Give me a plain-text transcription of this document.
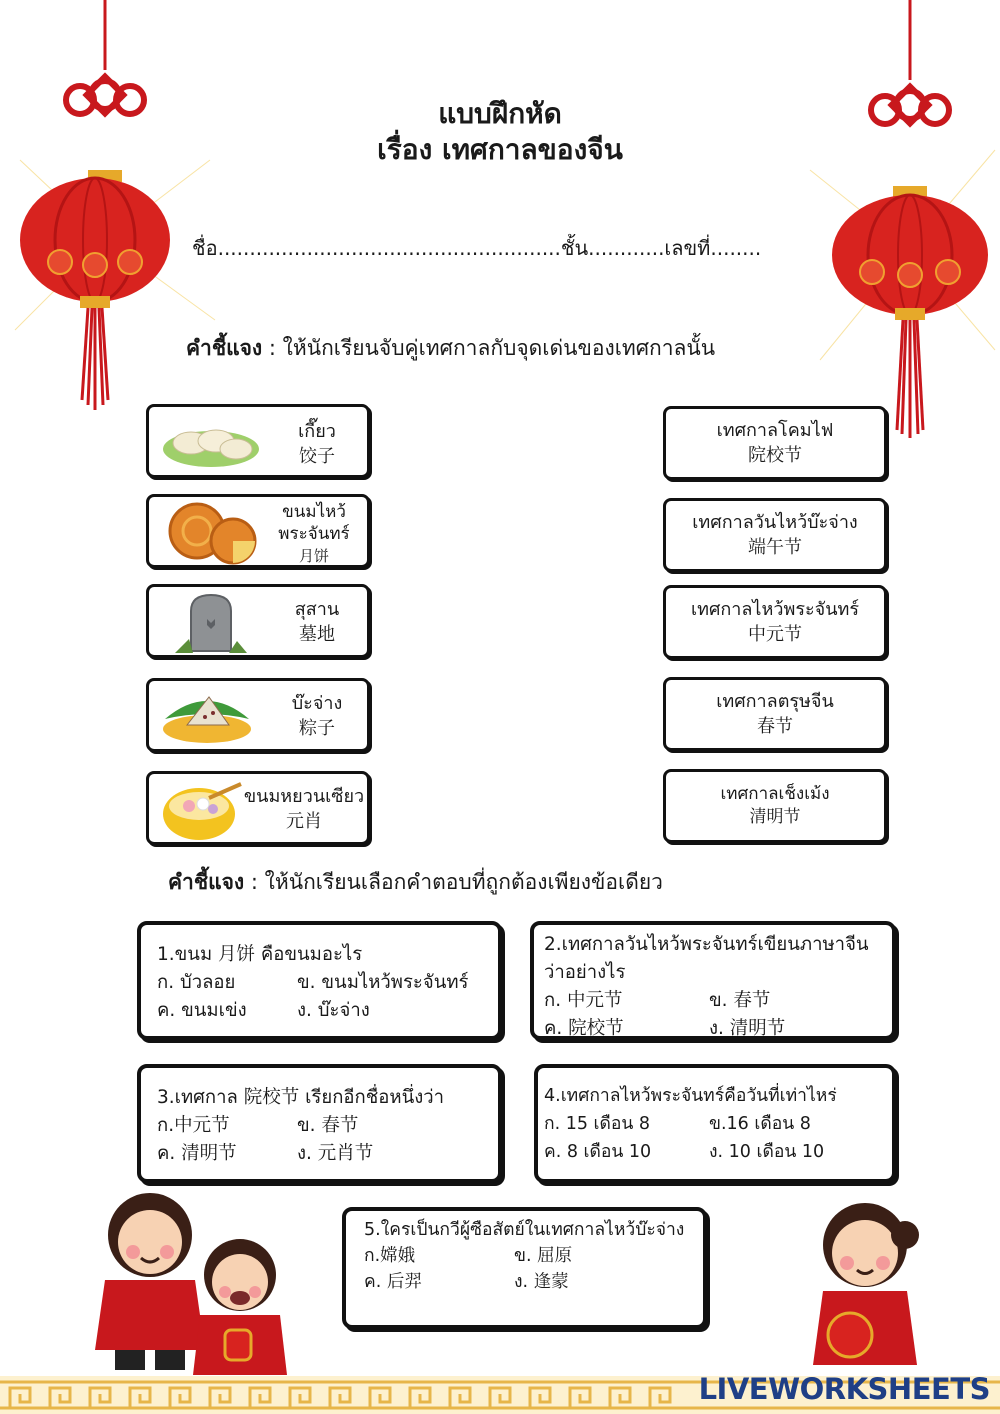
แบบฝึกหัด
เรื่อง เทศกาลของจีน
ชื่อ......................................................ชั้น............เลขที่........
คำชี้แจง : ให้นักเรียนจับคู่เทศกาลกับจุดเด่นของเทศกาลนั้น
เกี๊ยว
饺子
ขนมไหว้พระจันทร์
月饼
สุสาน
墓地
บ๊ะจ่าง
粽子
ขนมหยวนเซียว
元肖
เทศกาลโคมไฟ
院校节
เทศกาลวันไหว้บ๊ะจ่าง
端午节
เทศกาลไหว้พระจันทร์
中元节
เทศกาลตรุษจีน
春节
เทศกาลเช็งเม้ง
清明节
คำชี้แจง : ให้นักเรียนเลือกคำตอบที่ถูกต้องเพียงข้อเดียว
1.ขนม 月饼 คือขนมอะไร
ก. บัวลอย	ข. ขนมไหว้พระจันทร์
ค. ขนมเข่ง	ง. บ๊ะจ่าง
2.เทศกาลวันไหว้พระจันทร์เขียนภาษาจีนว่าอย่างไร
ก. 中元节	ข. 春节
ค. 院校节	ง. 清明节
3.เทศกาล 院校节 เรียกอีกชื่อหนึ่งว่า
ก.中元节	ข. 春节
ค. 清明节	ง. 元肖节
4.เทศกาลไหว้พระจันทร์คือวันที่เท่าไหร่
ก. 15 เดือน 8	ข.16 เดือน 8
ค. 8 เดือน 10	ง. 10 เดือน 10
5.ใครเป็นกวีผู้ซือสัตย์ในเทศกาลไหว้บ๊ะจ่าง
ก.嫦娥	ข. 屈原
ค. 后羿	ง. 逢蒙
LIVEWORKSHEETS
